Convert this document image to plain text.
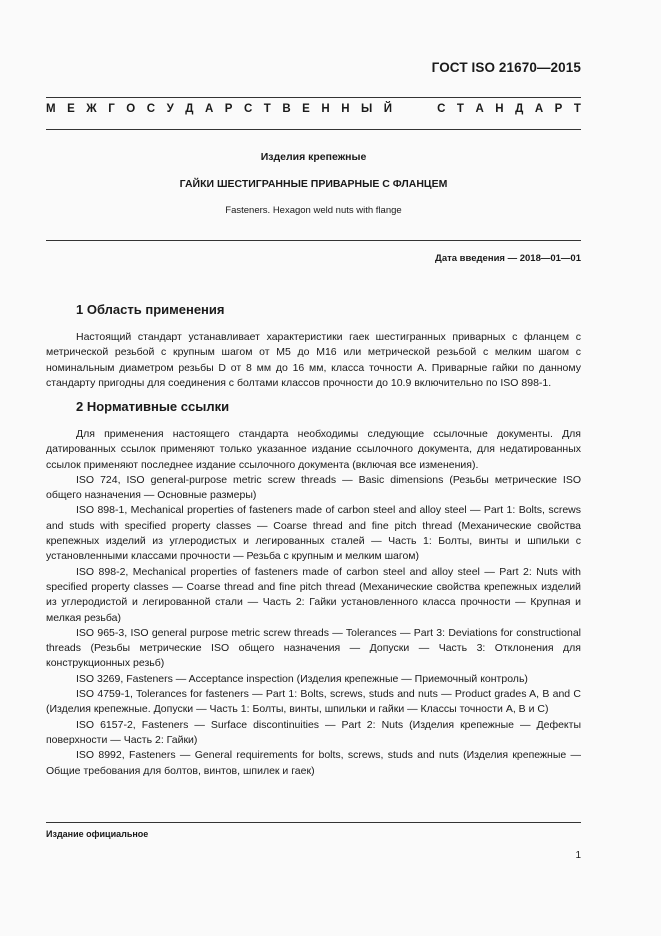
ГОСТ ISO 21670—2015
М Е Ж Г О С У Д А Р С Т В Е Н Н Ы Й	С Т А Н Д А Р Т
Изделия крепежные
ГАЙКИ ШЕСТИГРАННЫЕ ПРИВАРНЫЕ С ФЛАНЦЕМ
Fasteners. Hexagon weld nuts with flange
Дата введения — 2018—01—01
1 Область применения

Настоящий стандарт устанавливает характеристики гаек шестигранных приварных с фланцем с метрической резьбой с крупным шагом от M5 до M16 или метрической резьбой с мелким шагом с номинальным диаметром резьбы D от 8 мм до 16 мм, класса точности А. Приварные гайки по данному стандарту пригодны для соединения с болтами классов прочности до 10.9 включительно по ISO 898-1.

2 Нормативные ссылки

Для применения настоящего стандарта необходимы следующие ссылочные документы. Для датированных ссылок применяют только указанное издание ссылочного документа, для недатированных ссылок применяют последнее издание ссылочного документа (включая все изменения).

ISO 724, ISO general-purpose metric screw threads — Basic dimensions (Резьбы метрические ISO общего назначения — Основные размеры)

ISO 898-1, Mechanical properties of fasteners made of carbon steel and alloy steel — Part 1: Bolts, screws and studs with specified property classes — Coarse thread and fine pitch thread (Механические свойства крепежных изделий из углеродистых и легированных сталей — Часть 1: Болты, винты и шпильки с установленными классами прочности — Резьба с крупным и мелким шагом)

ISO 898-2, Mechanical properties of fasteners made of carbon steel and alloy steel — Part 2: Nuts with specified property classes — Coarse thread and fine pitch thread (Механические свойства крепежных изделий из углеродистой и легированной стали — Часть 2: Гайки установленного класса прочности — Крупная и мелкая резьба)

ISO 965-3, ISO general purpose metric screw threads — Tolerances — Part 3: Deviations for constructional threads (Резьбы метрические ISO общего назначения — Допуски — Часть 3: Отклонения для конструкционных резьб)

ISO 3269, Fasteners — Acceptance inspection (Изделия крепежные — Приемочный контроль)

ISO 4759-1, Tolerances for fasteners — Part 1: Bolts, screws, studs and nuts — Product grades A, B and C (Изделия крепежные. Допуски — Часть 1: Болты, винты, шпильки и гайки — Классы точности А, В и С)

ISO 6157-2, Fasteners — Surface discontinuities — Part 2: Nuts (Изделия крепежные — Дефекты поверхности — Часть 2: Гайки)

ISO 8992, Fasteners — General requirements for bolts, screws, studs and nuts (Изделия крепежные — Общие требования для болтов, винтов, шпилек и гаек)

Издание официальное
1
